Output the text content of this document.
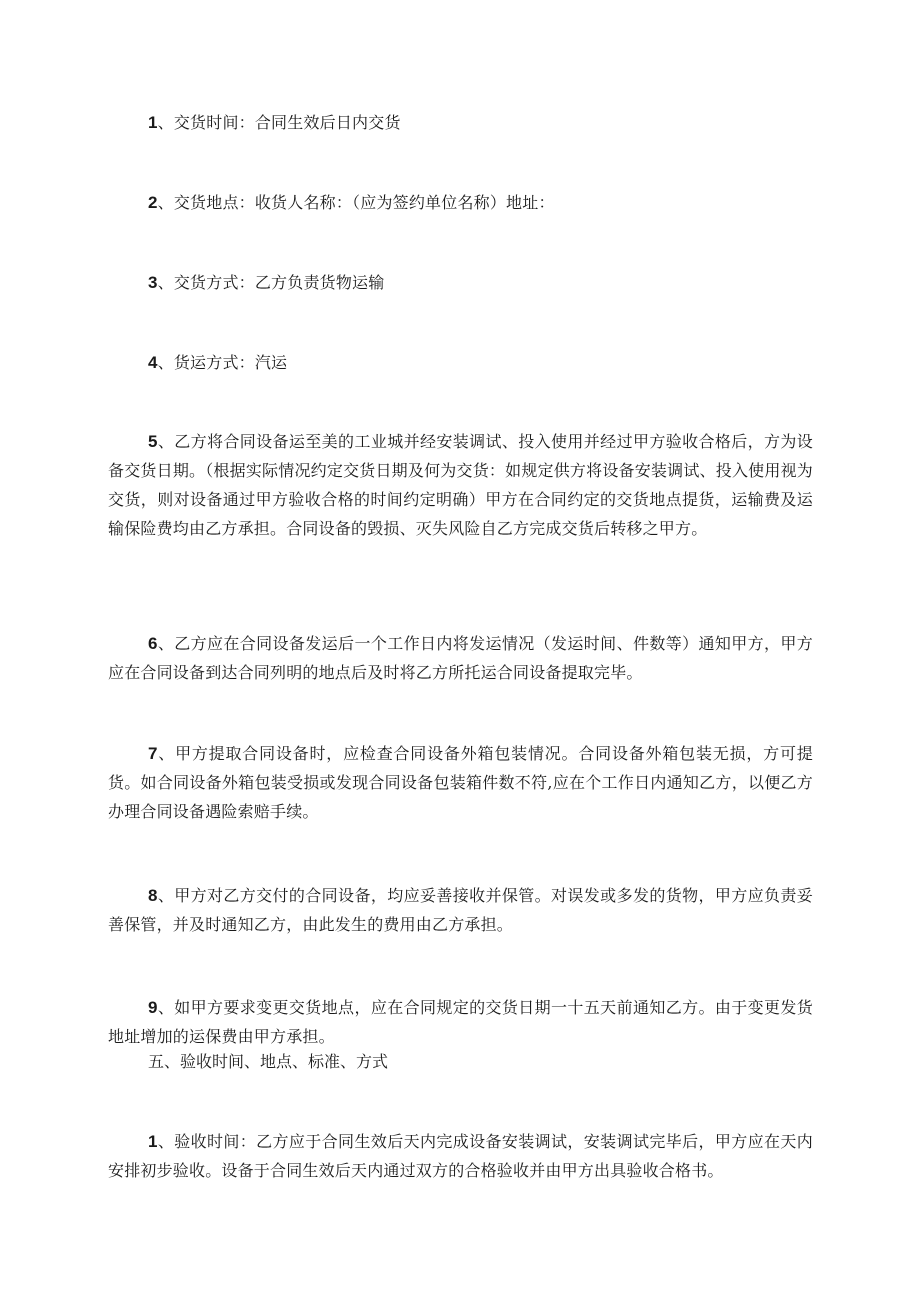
1、交货时间：合同生效后日内交货

2、交货地点：收货人名称：（应为签约单位名称）地址：

3、交货方式：乙方负责货物运输

4、货运方式：汽运

5、乙方将合同设备运至美的工业城并经安装调试、投入使用并经过甲方验收合格后，方为设备交货日期。（根据实际情况约定交货日期及何为交货：如规定供方将设备安装调试、投入使用视为交货，则对设备通过甲方验收合格的时间约定明确）甲方在合同约定的交货地点提货，运输费及运输保险费均由乙方承担。合同设备的毁损、灭失风险自乙方完成交货后转移之甲方。

6、乙方应在合同设备发运后一个工作日内将发运情况（发运时间、件数等）通知甲方，甲方应在合同设备到达合同列明的地点后及时将乙方所托运合同设备提取完毕。

7、甲方提取合同设备时，应检查合同设备外箱包装情况。合同设备外箱包装无损，方可提货。如合同设备外箱包装受损或发现合同设备包装箱件数不符,应在个工作日内通知乙方，以便乙方办理合同设备遇险索赔手续。

8、甲方对乙方交付的合同设备，均应妥善接收并保管。对误发或多发的货物，甲方应负责妥善保管，并及时通知乙方，由此发生的费用由乙方承担。

9、如甲方要求变更交货地点，应在合同规定的交货日期一十五天前通知乙方。由于变更发货地址增加的运保费由甲方承担。

五、验收时间、地点、标准、方式

1、验收时间：乙方应于合同生效后天内完成设备安装调试，安装调试完毕后，甲方应在天内安排初步验收。设备于合同生效后天内通过双方的合格验收并由甲方出具验收合格书。
